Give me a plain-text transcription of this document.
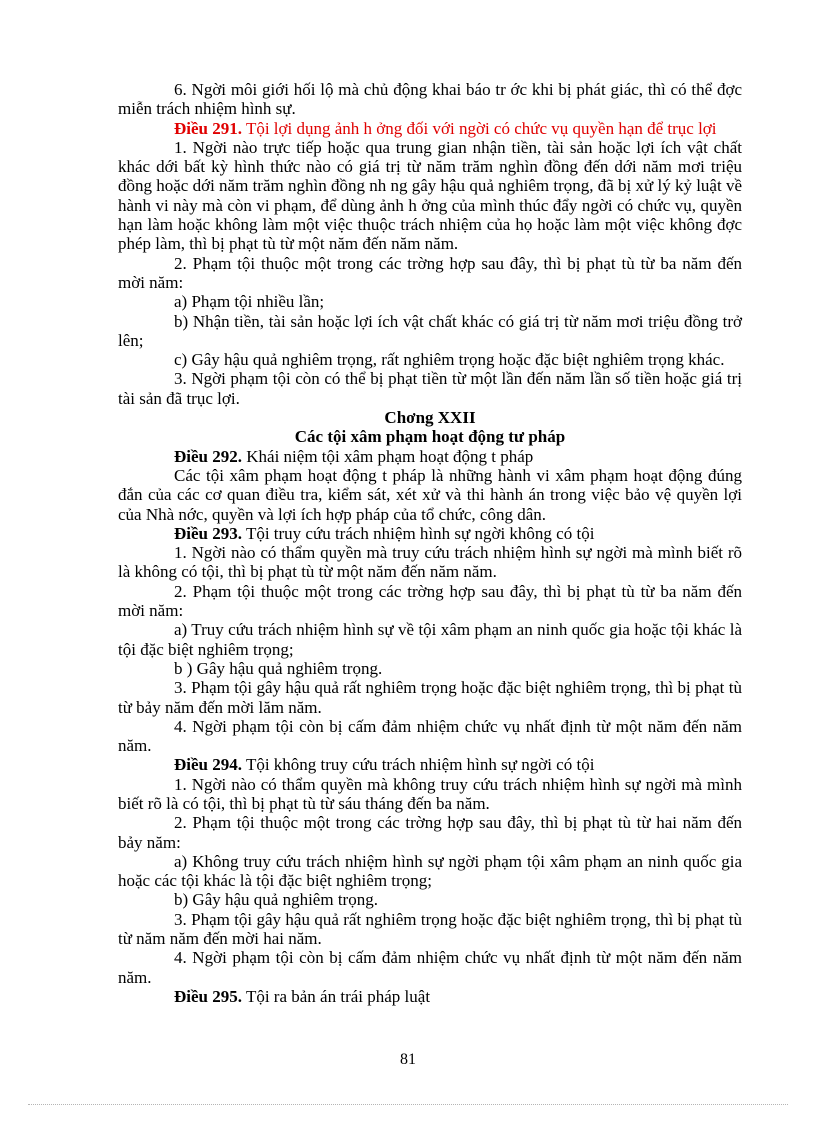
6. Ngời môi giới hối lộ mà chủ động khai báo tr ớc khi bị phát giác, thì có thể đợc miễn trách nhiệm hình sự.

Điều 291. Tội lợi dụng ảnh h ởng đối với ngời có chức vụ quyền hạn để trục lợi

1. Ngời nào trực tiếp hoặc qua trung gian nhận tiền, tài sản hoặc lợi ích vật chất khác dới bất kỳ hình thức nào có giá trị từ năm trăm nghìn đồng đến dới năm mơi triệu đồng hoặc dới năm trăm nghìn đồng nh ng gây hậu quả nghiêm trọng, đã bị xử lý kỷ luật về hành vi này mà còn vi phạm, để dùng ảnh h ởng của mình thúc đẩy ngời có chức vụ, quyền hạn làm hoặc không làm một việc thuộc trách nhiệm của họ hoặc làm một việc không đợc phép làm, thì bị phạt tù từ một năm đến năm năm.

2. Phạm tội thuộc một trong các trờng hợp sau đây, thì bị phạt tù từ ba năm đến mời năm:

a) Phạm tội nhiều lần;

b) Nhận tiền, tài sản hoặc lợi ích vật chất khác có giá trị từ năm mơi triệu đồng trở lên;

c) Gây hậu quả nghiêm trọng, rất nghiêm trọng hoặc đặc biệt nghiêm trọng khác.

3. Ngời phạm tội còn có thể bị phạt tiền từ một lần đến năm lần số tiền hoặc giá trị tài sản đã trục lợi.

Chơng XXII

Các tội xâm phạm hoạt động tư pháp

Điều 292. Khái niệm tội xâm phạm hoạt động t pháp

Các tội xâm phạm hoạt động t pháp là những hành vi xâm phạm hoạt động đúng đắn của các cơ quan điều tra, kiểm sát, xét xử và thi hành án trong việc bảo vệ quyền lợi của Nhà nớc, quyền và lợi ích hợp pháp của tổ chức, công dân.

Điều 293. Tội truy cứu trách nhiệm hình sự ngời không có tội

1. Ngời nào có thẩm quyền mà truy cứu trách nhiệm hình sự ngời mà mình biết rõ là không có tội, thì bị phạt tù từ một năm đến năm năm.

2. Phạm tội thuộc một trong các trờng hợp sau đây, thì bị phạt tù từ ba năm đến mời năm:

a) Truy cứu trách nhiệm hình sự về tội xâm phạm an ninh quốc gia hoặc tội khác là tội đặc biệt nghiêm trọng;

b ) Gây hậu quả nghiêm trọng.

3. Phạm tội gây hậu quả rất nghiêm trọng hoặc đặc biệt nghiêm trọng, thì bị phạt tù từ bảy năm đến mời lăm năm.

4. Ngời phạm tội còn bị cấm đảm nhiệm chức vụ nhất định từ một năm đến năm năm.

Điều 294. Tội không truy cứu trách nhiệm hình sự ngời có tội

1. Ngời nào có thẩm quyền mà không truy cứu trách nhiệm hình sự ngời mà mình biết rõ là có tội, thì bị phạt tù từ sáu tháng đến ba năm.

2. Phạm tội thuộc một trong các trờng hợp sau đây, thì bị phạt tù từ hai năm đến bảy năm:

a) Không truy cứu trách nhiệm hình sự ngời phạm tội xâm phạm an ninh quốc gia hoặc các tội khác là tội đặc biệt nghiêm trọng;

b) Gây hậu quả nghiêm trọng.

3. Phạm tội gây hậu quả rất nghiêm trọng hoặc đặc biệt nghiêm trọng, thì bị phạt tù từ năm năm đến mời hai năm.

4. Ngời phạm tội còn bị cấm đảm nhiệm chức vụ nhất định từ một năm đến năm năm.

Điều 295. Tội ra bản án trái pháp luật

81
